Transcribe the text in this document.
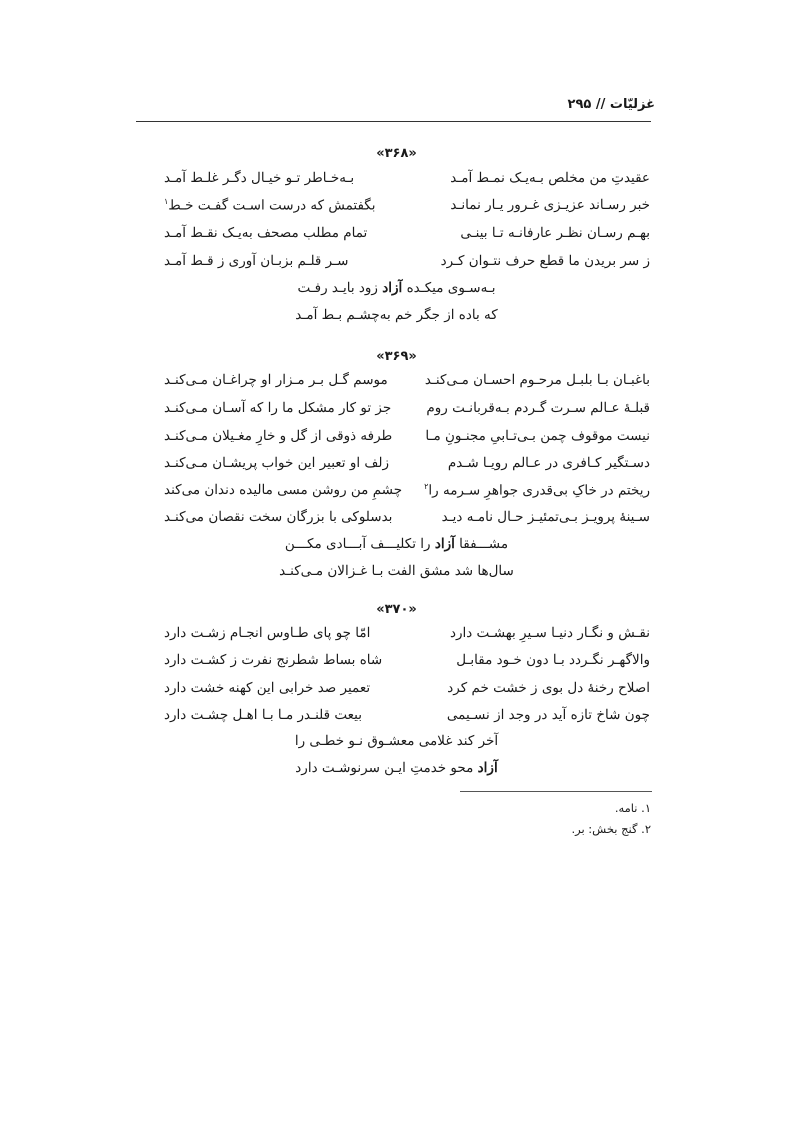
غزلیّات // ۲۹۵
«۳۶۸»
عقیدتِ من مخلص بـه‌یـک نمـط آمـد
بـه‌خـاطر تـو خیـال دگـر غلـط آمـد
خبر رسـاند عزیـزی غـرور یـار نمانـد
بگفتمش که درست اسـت گفـت خـط$^۱$
بهـم رسـان نظـر عارفانـه تـا بینـی
تمام مطلب مصحف به‌یـک نقـط آمـد
ز سر بریدن ما قطع حرف نتـوان کـرد
سـر قلـم بزبـان آوری ز قـط آمـد
بـه‌سـوی میکـده آزاد زود بایـد رفـت
که باده از جگر خم به‌چشـم بـط آمـد
«۳۶۹»
باغبـان بـا بلبـل مرحـوم احسـان مـی‌کنـد
موسم گـل بـر مـزار او چراغـان مـی‌کنـد
قبلـهٔ عـالم سـرت گـردم بـه‌قربانـت روم
جز تو کار مشکل ما را که آسـان مـی‌کنـد
نیست موقوف چمن بـی‌تـابیِ مجنـونِ مـا
طرفه ذوقی از گل و خارِ مغـیلان مـی‌کنـد
دسـتگیر کـافری در عـالم رویـا شـدم
زلف او تعبیر این خواب پریشـان مـی‌کنـد
ریختم در خاکِ بی‌قدری جواهرِ سـرمه را$^۲$
چشمِ من روشن مسی مالیده دندان می‌کند
سـینهٔ پرویـز بـی‌تمئیـز حـال نامـه دیـد
بدسلوکی با بزرگان سخت نقصان می‌کنـد
مشـــفقا آزاد را تکلیـــف آبـــادی مکـــن
سال‌ها شد مشق الفت بـا غـزالان مـی‌کنـد
«۳۷۰»
نقـش و نگـار دنیـا سـیرِ بهشـت دارد
امّا چو پای طـاوس انجـام زشـت دارد
والاگهـر نگـردد بـا دون خـود مقابـل
شاه بساط شطرنج نفرت ز کشـت دارد
اصلاح رخنهٔ دل بوی ز خشت خم کرد
تعمیر صد خرابی این کهنه خشت دارد
چون شاخ تازه آید در وجد از نسـیمی
بیعت قلنـدر مـا بـا اهـل چشـت دارد
آخر کند غلامی معشـوق نـو خطـی را
آزاد محو خدمتِ ایـن سرنوشـت دارد
۱. نامه.
۲. گنج بخش: بر.
